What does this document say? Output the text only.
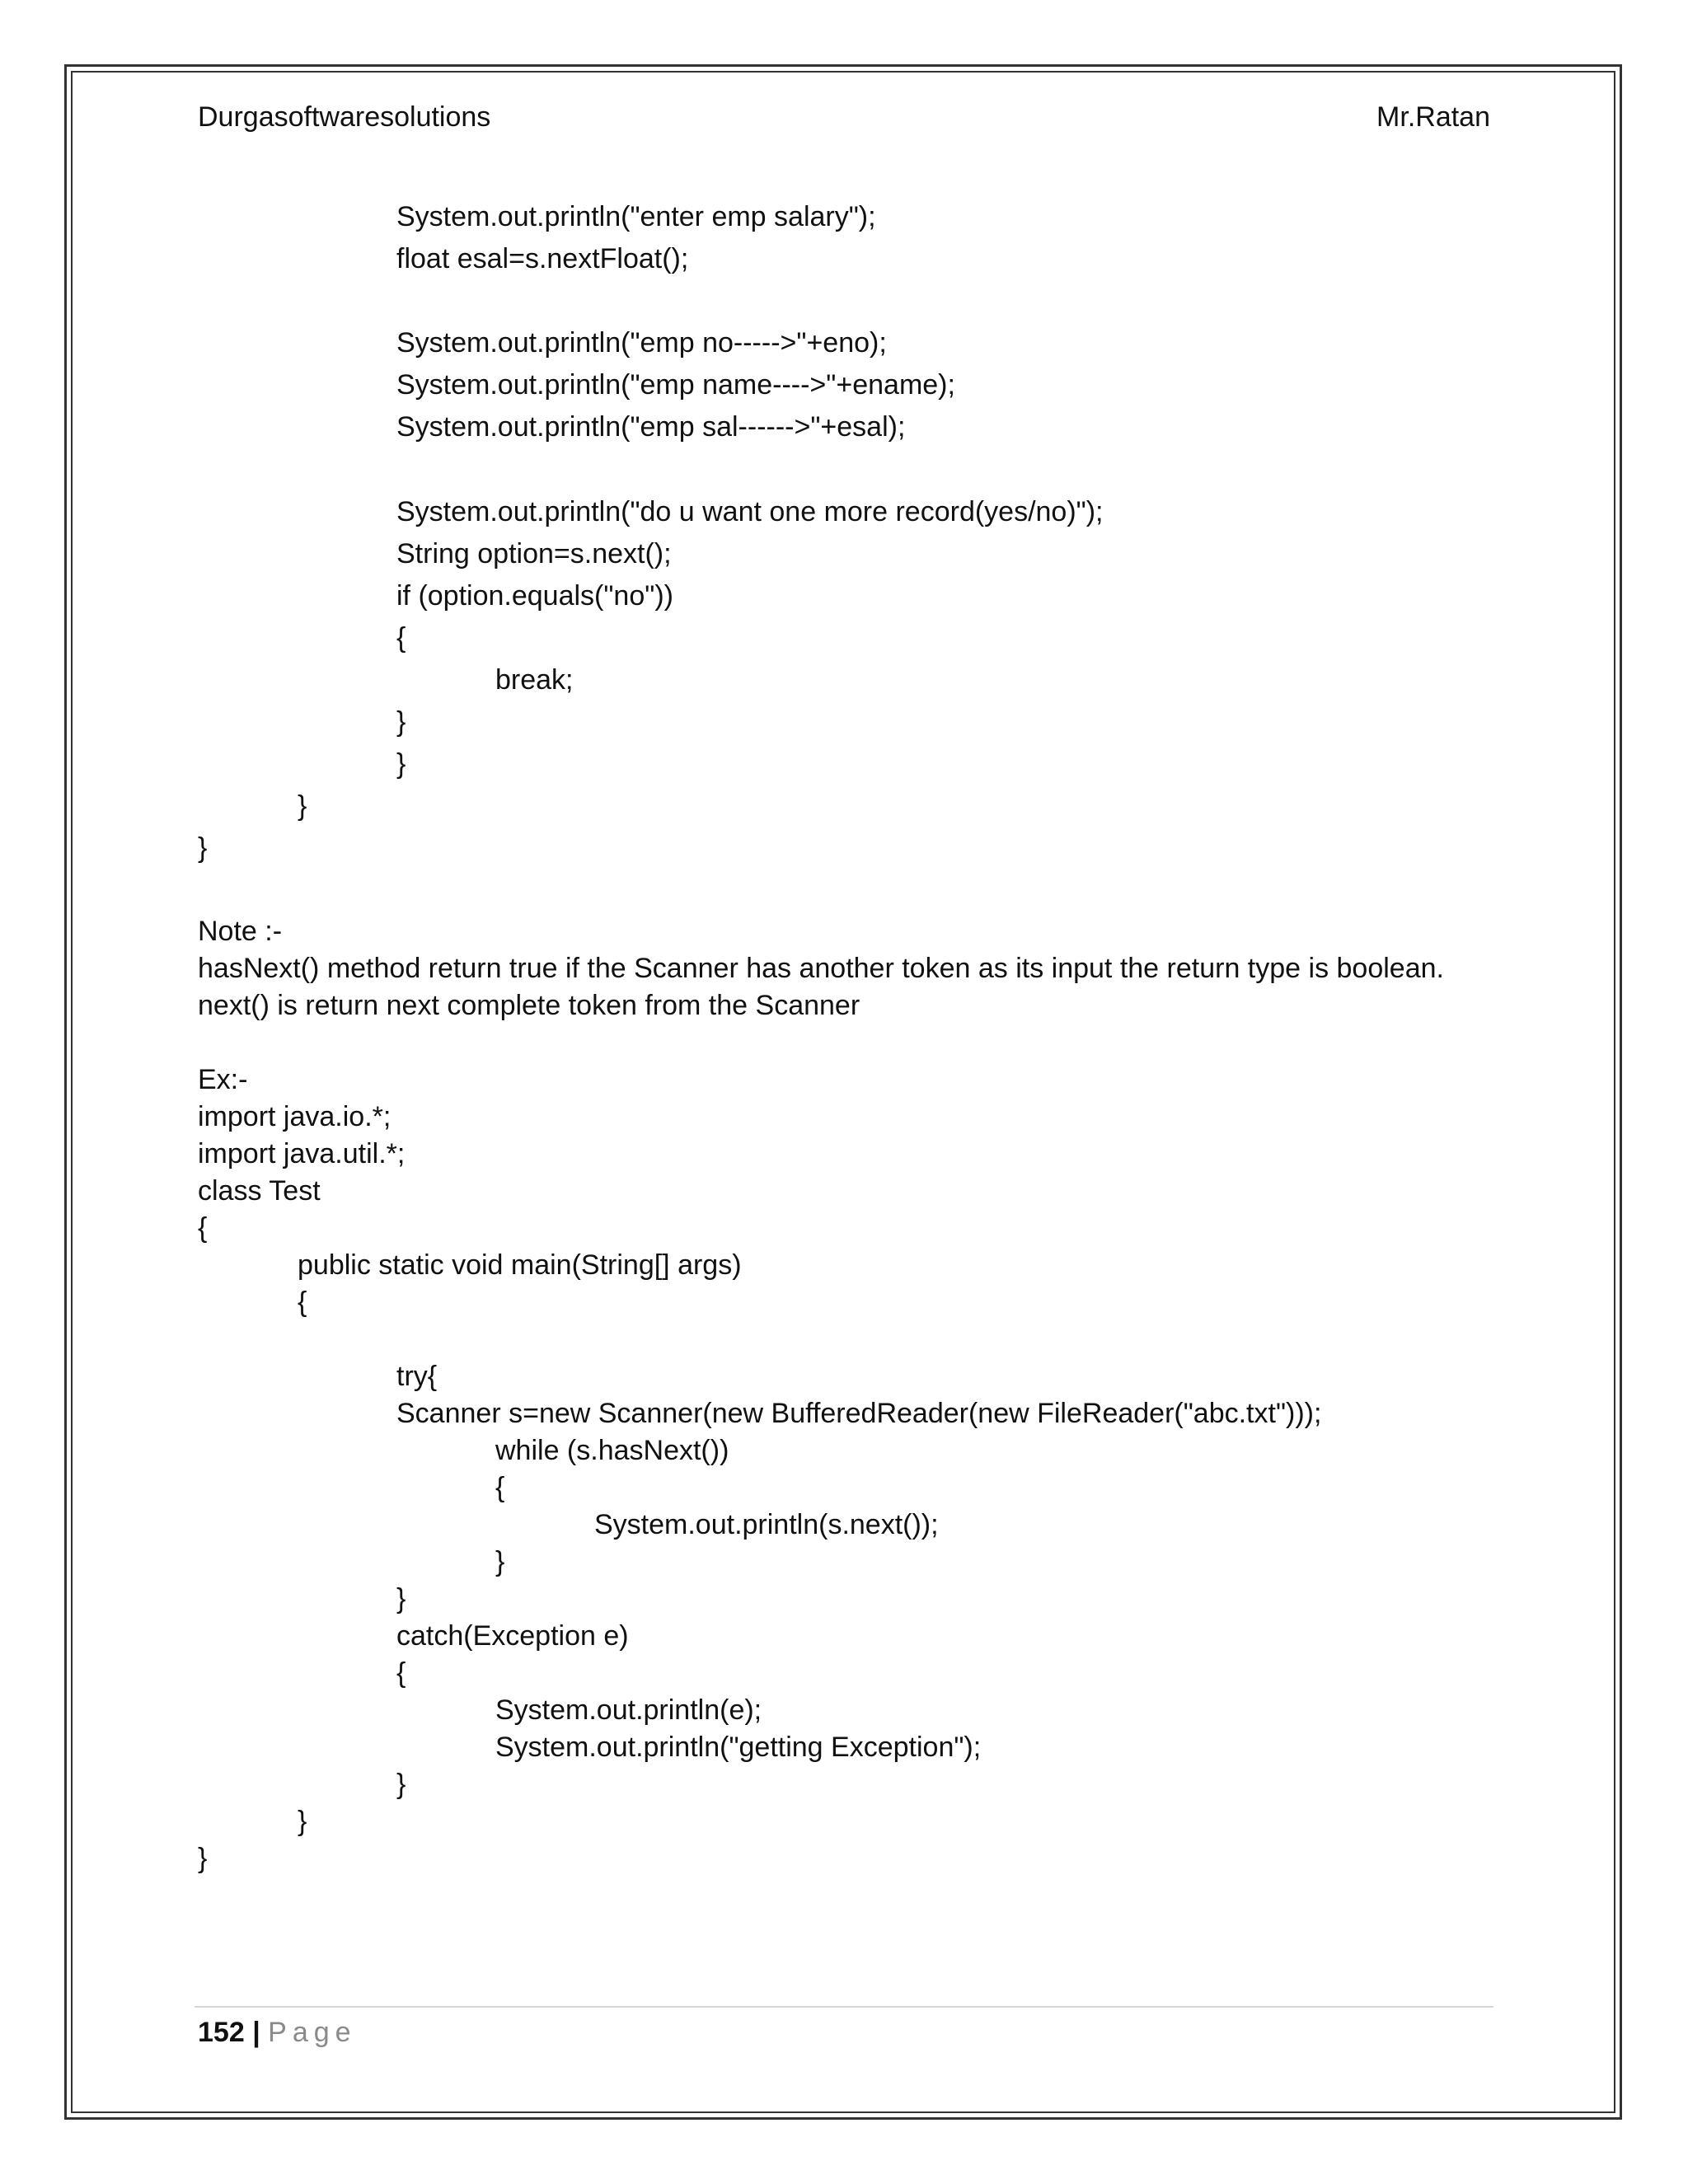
Durgasoftwaresolutions	Mr.Ratan
System.out.println("enter emp salary");
float esal=s.nextFloat();
System.out.println("emp no----->"+eno);
System.out.println("emp name---->"+ename);
System.out.println("emp sal------>"+esal);
System.out.println("do u want one more record(yes/no)");
String option=s.next();
if (option.equals("no"))
{
break;
}
}
}
}
Note :-
hasNext() method return true if the Scanner has another token as its input the return type is boolean.
next() is return next complete token from the Scanner
Ex:-
import java.io.*;
import java.util.*;
class Test
{
public static void main(String[] args)
{
try{
Scanner s=new Scanner(new BufferedReader(new FileReader("abc.txt")));
while (s.hasNext())
{
System.out.println(s.next());
}
}
catch(Exception e)
{
System.out.println(e);
System.out.println("getting Exception");
}
}
}
152 | Page
